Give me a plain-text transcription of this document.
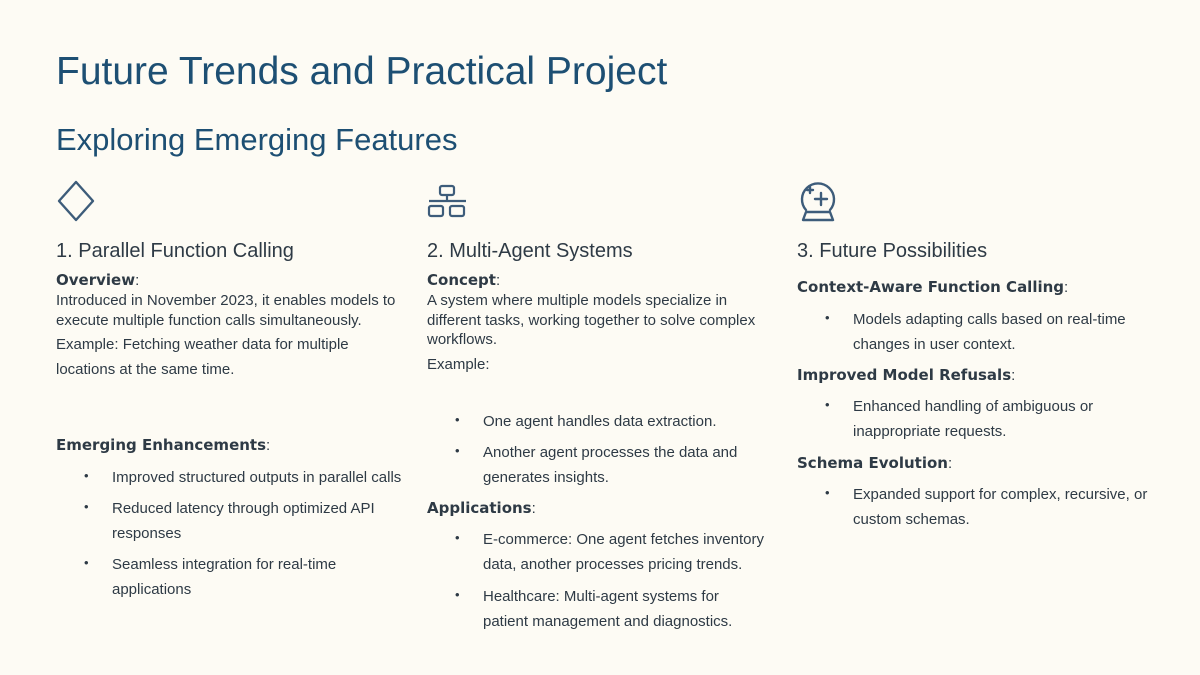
Future Trends and Practical Project
Exploring Emerging Features
1. Parallel Function Calling
Overview:
Introduced in November 2023, it enables models to execute multiple function calls simultaneously.
Example: Fetching weather data for multiple locations at the same time.
Emerging Enhancements:
• Improved structured outputs in parallel calls
• Reduced latency through optimized API responses
• Seamless integration for real-time applications
2. Multi-Agent Systems
Concept:
A system where multiple models specialize in different tasks, working together to solve complex workflows.
Example:
• One agent handles data extraction.
• Another agent processes the data and generates insights.
Applications:
• E-commerce: One agent fetches inventory data, another processes pricing trends.
• Healthcare: Multi-agent systems for patient management and diagnostics.
3. Future Possibilities
Context-Aware Function Calling:
• Models adapting calls based on real-time changes in user context.
Improved Model Refusals:
• Enhanced handling of ambiguous or inappropriate requests.
Schema Evolution:
• Expanded support for complex, recursive, or custom schemas.
